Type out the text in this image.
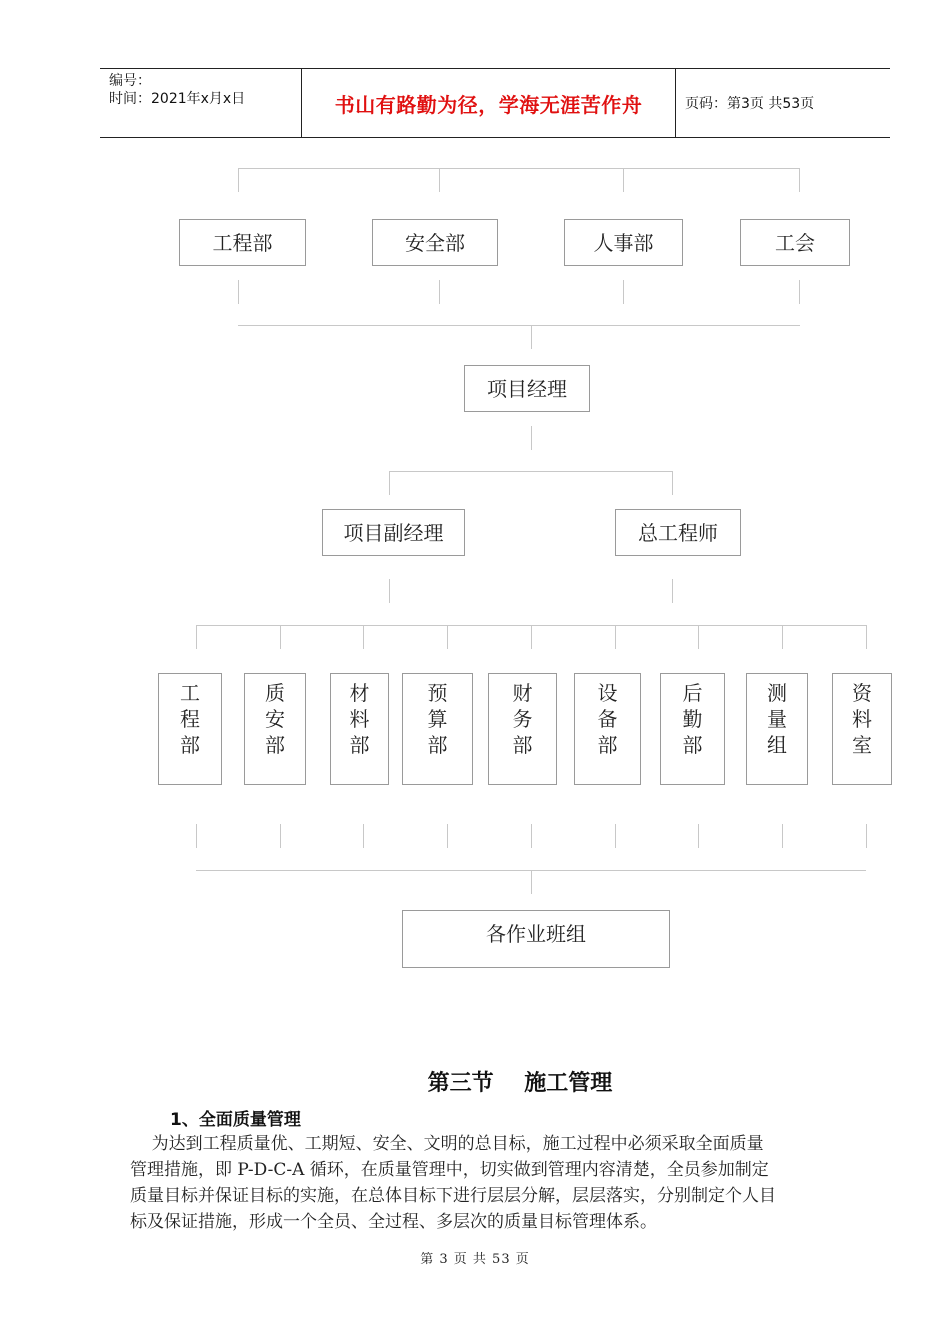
编号：
时间：2021年x月x日	书山有路勤为径，学海无涯苦作舟	页码：第3页 共53页
工程部	安全部	人事部	工会
项目经理
项目副经理	总工程师
工程部
质安部
材料部
预算部
财务部
设备部
后勤部
测量组
资料室
各作业班组
第三节    施工管理
1、全面质量管理
为达到工程质量优、工期短、安全、文明的总目标，施工过程中必须采取全面质量
管理措施，即 P-D-C-A 循环，在质量管理中，切实做到管理内容清楚，全员参加制定
质量目标并保证目标的实施，在总体目标下进行层层分解，层层落实，分别制定个人目
标及保证措施，形成一个全员、全过程、多层次的质量目标管理体系。
第 3 页 共 53 页
